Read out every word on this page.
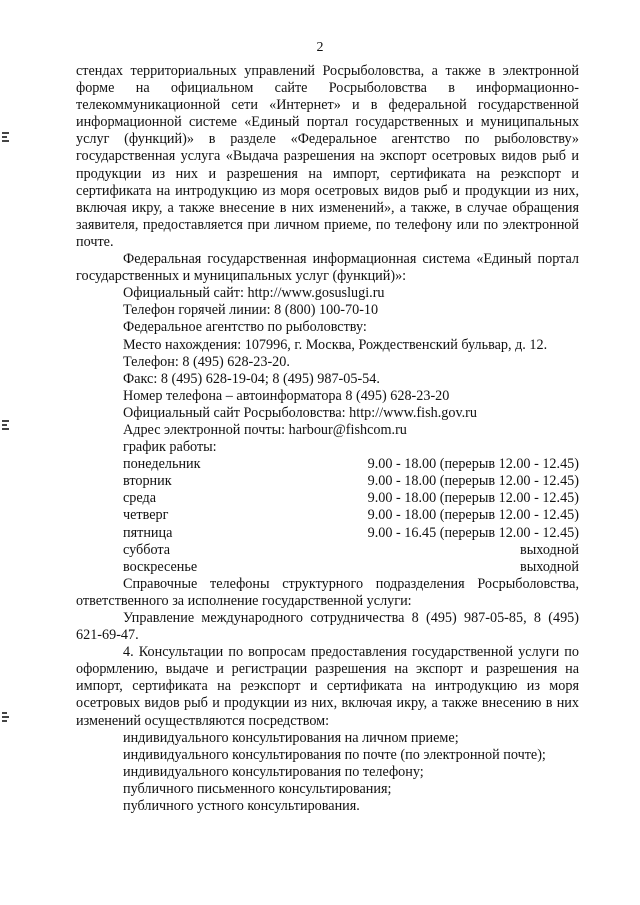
2

стендах территориальных управлений Росрыболовства, а также в электронной форме на официальном сайте Росрыболовства в информационно-телекоммуникационной сети «Интернет» и в федеральной государственной информационной системе «Единый портал государственных и муниципальных услуг (функций)» в разделе «Федеральное агентство по рыболовству» государственная услуга «Выдача разрешения на экспорт осетровых видов рыб и продукции из них и разрешения на импорт, сертификата на реэкспорт и сертификата на интродукцию из моря осетровых видов рыб и продукции из них, включая икру, а также внесение в них изменений», а также, в случае обращения заявителя, предоставляется при личном приеме, по телефону или по электронной почте.

Федеральная государственная информационная система «Единый портал государственных и муниципальных услуг (функций)»:

Официальный сайт: http://www.gosuslugi.ru

Телефон горячей линии: 8 (800) 100-70-10

Федеральное агентство по рыболовству:

Место нахождения: 107996, г. Москва, Рождественский бульвар, д. 12.

Телефон: 8 (495) 628-23-20.

Факс: 8 (495) 628-19-04; 8 (495) 987-05-54.

Номер телефона – автоинформатора 8 (495) 628-23-20

Официальный сайт Росрыболовства: http://www.fish.gov.ru

Адрес электронной почты: harbour@fishcom.ru

график работы:

понедельник	9.00 - 18.00 (перерыв 12.00 - 12.45)
вторник	9.00 - 18.00 (перерыв 12.00 - 12.45)
среда	9.00 - 18.00 (перерыв 12.00 - 12.45)
четверг	9.00 - 18.00 (перерыв 12.00 - 12.45)
пятница	9.00 - 16.45 (перерыв 12.00 - 12.45)
суббота	выходной
воскресенье	выходной

Справочные телефоны структурного подразделения Росрыболовства, ответственного за исполнение государственной услуги:

Управление международного сотрудничества 8 (495) 987-05-85, 8 (495) 621-69-47.

4. Консультации по вопросам предоставления государственной услуги по оформлению, выдаче и регистрации разрешения на экспорт и разрешения на импорт, сертификата на реэкспорт и сертификата на интродукцию из моря осетровых видов рыб и продукции из них, включая икру, а также внесению в них изменений осуществляются посредством:

индивидуального консультирования на личном приеме;

индивидуального консультирования по почте (по электронной почте);

индивидуального консультирования по телефону;

публичного письменного консультирования;

публичного устного консультирования.
